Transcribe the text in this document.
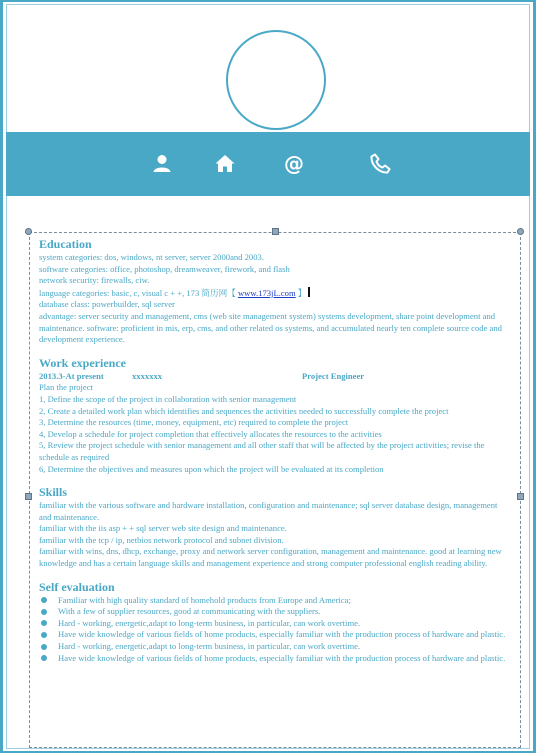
@
Education
system categories: dos, windows, nt server, server 2000and 2003.
software categories: office, photoshop, dreamweaver, firework, and flash
network security: firewalls, ciw.
language categories: basic, c, visual c + +, 173 简历网【 www.173jL.com 】
database class: powerbuilder, sql server
advantage: server security and management, cms (web site management system) systems development, share point development and maintenance. software: proficient in mis, erp, cms, and other related os systems, and accumulated nearly ten complete source code and development experience.
Work experience
2013.3-At present	xxxxxxx	Project Engineer
Plan the project
1, Define the scope of the project in collaboration with senior management
2, Create a detailed work plan which identifies and sequences the activities needed to successfully complete the project
3, Determine the resources (time, money, equipment, etc) required to complete the project
4, Develop a schedule for project completion that effectively allocates the resources to the activities
5, Review the project schedule with senior management and all other staff that will be affected by the project activities; revise the schedule as required
6, Determine the objectives and measures upon which the project will be evaluated at its completion
Skills
familiar with the various software and hardware installation, configuration and maintenance; sql server database design, management and maintenance.
familiar with the iis asp + + sql server web site design and maintenance.
familiar with the tcp / ip, netbios network protocol and subnet division.
familiar with wins, dns, dhcp, exchange, proxy and network server configuration, management and maintenance. good at learning new knowledge and has a certain language skills and management experience and strong computer professional english reading ability.
Self evaluation
Familiar with high quality standard of homehold products from Europe and America;
With a few of supplier resources, good at communicating with the suppliers.
Hard - working, energetic,adapt to long-term business, in particular, can work overtime.
Have wide knowledge of various fields of home products, especially familiar with the production process of hardware and plastic.
Hard - working, energetic,adapt to long-term business, in particular, can work overtime.
Have wide knowledge of various fields of home products, especially familiar with the production process of hardware and plastic.
